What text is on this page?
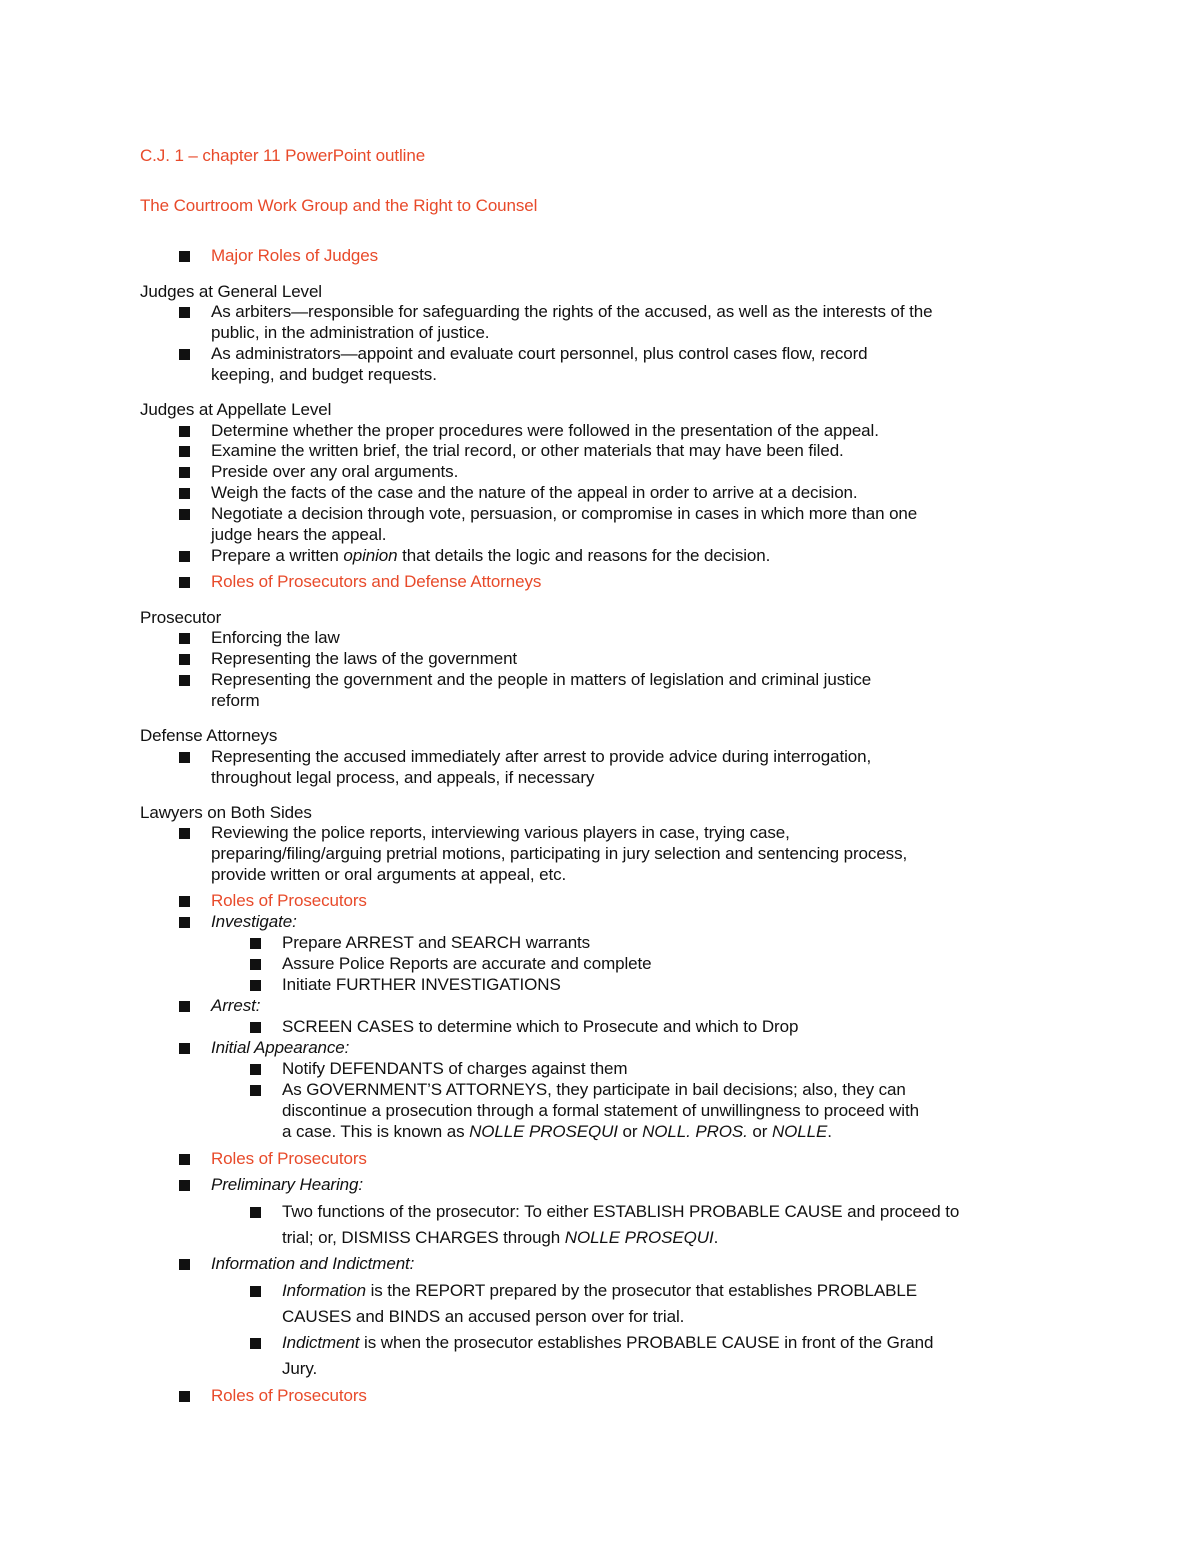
C.J. 1 – chapter 11 PowerPoint outline
The Courtroom Work Group and the Right to Counsel
Major Roles of Judges
Judges at General Level
As arbiters—responsible for safeguarding the rights of the accused, as well as the interests of the
public, in the administration of justice.
As administrators—appoint and evaluate court personnel, plus control cases flow, record
keeping, and budget requests.
Judges at Appellate Level
Determine whether the proper procedures were followed in the presentation of the appeal.
Examine the written brief, the trial record, or other materials that may have been filed.
Preside over any oral arguments.
Weigh the facts of the case and the nature of the appeal in order to arrive at a decision.
Negotiate a decision through vote, persuasion, or compromise in cases in which more than one
judge hears the appeal.
Prepare a written opinion that details the logic and reasons for the decision.
Roles of Prosecutors and Defense Attorneys
Prosecutor
Enforcing the law
Representing the laws of the government
Representing the government and the people in matters of legislation and criminal justice
reform
Defense Attorneys
Representing the accused immediately after arrest to provide advice during interrogation,
throughout legal process, and appeals, if necessary
Lawyers on Both Sides
Reviewing the police reports, interviewing various players in case, trying case,
preparing/filing/arguing pretrial motions, participating in jury selection and sentencing process,
provide written or oral arguments at appeal, etc.
Roles of Prosecutors
Investigate:
Prepare ARREST and SEARCH warrants
Assure Police Reports are accurate and complete
Initiate FURTHER INVESTIGATIONS
Arrest:
SCREEN CASES to determine which to Prosecute and which to Drop
Initial Appearance:
Notify DEFENDANTS of charges against them
As GOVERNMENT’S ATTORNEYS, they participate in bail decisions; also, they can
discontinue a prosecution through a formal statement of unwillingness to proceed with
a case. This is known as NOLLE PROSEQUI or NOLL. PROS. or NOLLE.
Roles of Prosecutors
Preliminary Hearing:
Two functions of the prosecutor: To either ESTABLISH PROBABLE CAUSE and proceed to
trial; or, DISMISS CHARGES through NOLLE PROSEQUI.
Information and Indictment:
Information is the REPORT prepared by the prosecutor that establishes PROBLABLE
CAUSES and BINDS an accused person over for trial.
Indictment is when the prosecutor establishes PROBABLE CAUSE in front of the Grand
Jury.
Roles of Prosecutors
